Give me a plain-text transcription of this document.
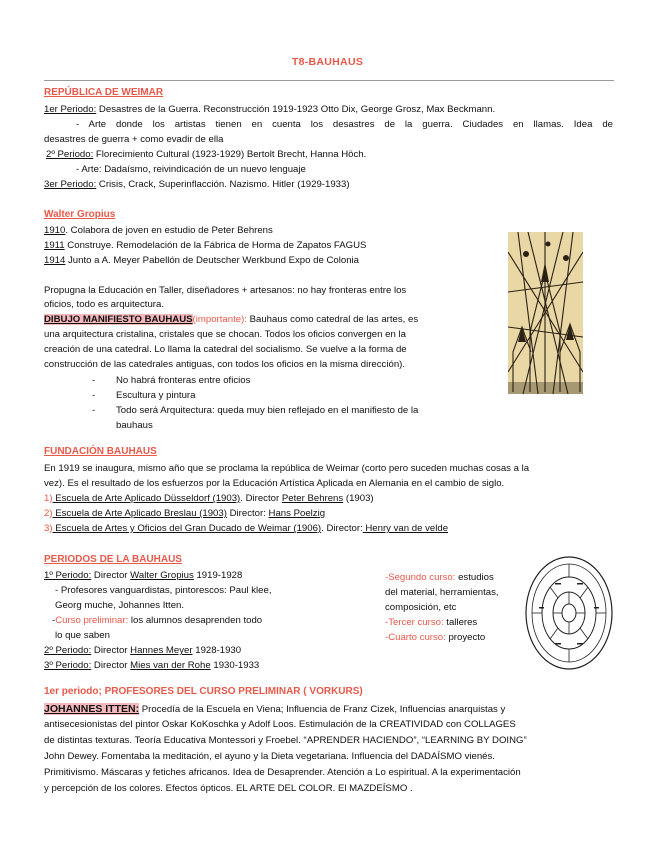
T8-BAUHAUS
REPÚBLICA DE WEIMAR
1er Periodo: Desastres de la Guerra. Reconstrucción 1919-1923 Otto Dix, George Grosz, Max Beckmann.
- Arte donde los artistas tienen en cuenta los desastres de la guerra. Ciudades en llamas. Idea de
desastres de guerra + como evadir de ella
2º Periodo: Florecimiento Cultural (1923-1929) Bertolt Brecht, Hanna Höch.
- Arte: Dadaísmo, reivindicación de un nuevo lenguaje
3er Periodo: Crisis, Crack, Superinflacción. Nazismo. Hitler (1929-1933)
Walter Gropius
1910. Colabora de joven en estudio de Peter Behrens
1911 Construye. Remodelación de la Fábrica de Horma de Zapatos FAGUS
1914 Junto a A. Meyer Pabellón de Deutscher Werkbund Expo de Colonia
Propugna la Educación en Taller, diseñadores + artesanos: no hay fronteras entre los
oficios, todo es arquitectura.
DIBUJO MANIFIESTO BAUHAUS(importante): Bauhaus como catedral de las artes, es
una arquitectura cristalina, cristales que se chocan. Todos los oficios convergen en la
creación de una catedral. Lo llama la catedral del socialismo. Se vuelve a la forma de
construcción de las catedrales antiguas, con todos los oficios en la misma dirección).
- No habrá fronteras entre oficios
- Escultura y pintura
- Todo será Arquitectura: queda muy bien reflejado en el manifiesto de la
bauhaus
FUNDACIÓN BAUHAUS
En 1919 se inaugura, mismo año que se proclama la república de Weimar (corto pero suceden muchas cosas a la
vez). Es el resultado de los esfuerzos por la Educación Artística Aplicada en Alemania en el cambio de siglo.
1) Escuela de Arte Aplicado Düsseldorf (1903). Director Peter Behrens (1903)
2) Escuela de Arte Aplicado Breslau (1903) Director: Hans Poelzig
3) Escuela de Artes y Oficios del Gran Ducado de Weimar (1906). Director: Henry van de velde
PERIODOS DE LA BAUHAUS
1º Periodo: Director Walter Gropius 1919-1928
- Profesores vanguardistas, pintorescos: Paul klee,
Georg muche, Johannes Itten.
-Curso preliminar: los alumnos desaprenden todo
lo que saben
2º Periodo: Director Hannes Meyer 1928-1930
3º Periodo: Director Mies van der Rohe 1930-1933
-Segundo curso: estudios
del material, herramientas,
composición, etc
-Tercer curso: talleres
-Cuarto curso: proyecto
1er periodo; PROFESORES DEL CURSO PRELIMINAR ( VORKURS)
JOHANNES ITTEN: Procedía de la Escuela en Viena; Influencia de Franz Cizek, Influencias anarquistas y
antisecesionistas del pintor Oskar KoKoschka y Adolf Loos. Estimulación de la CREATIVIDAD con COLLAGES
de distintas texturas. Teoría Educativa Montessori y Froebel. “APRENDER HACIENDO”, “LEARNING BY DOING”
John Dewey. Fomentaba la meditación, el ayuno y la Dieta vegetariana. Influencia del DADAÍSMO vienés.
Primitivismo. Máscaras y fetiches africanos. Idea de Desaprender. Atención a Lo espiritual. A la experimentación
y percepción de los colores. Efectos ópticos. EL ARTE DEL COLOR. El MAZDEÍSMO .
